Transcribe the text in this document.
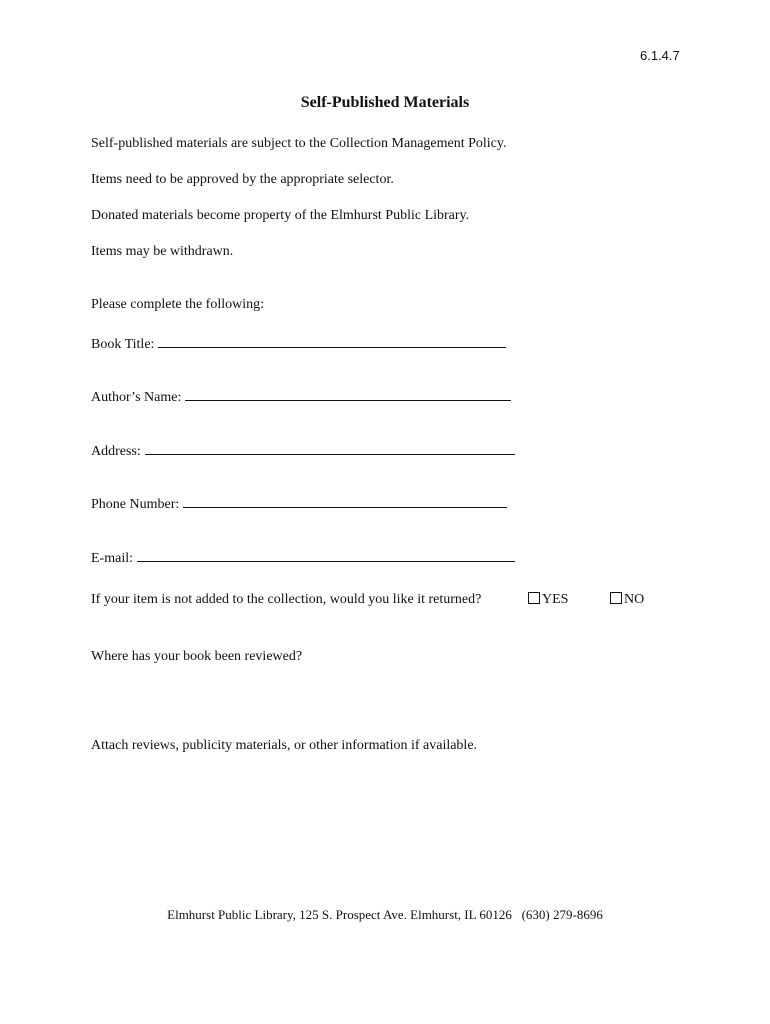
6.1.4.7
Self-Published Materials
Self-published materials are subject to the Collection Management Policy.
Items need to be approved by the appropriate selector.
Donated materials become property of the Elmhurst Public Library.
Items may be withdrawn.
Please complete the following:
Book Title:
Author’s Name:
Address:
Phone Number:
E-mail:
If your item is not added to the collection, would you like it returned?	YES	NO
Where has your book been reviewed?
Attach reviews, publicity materials, or other information if available.
Elmhurst Public Library, 125 S. Prospect Ave. Elmhurst, IL 60126   (630) 279-8696
